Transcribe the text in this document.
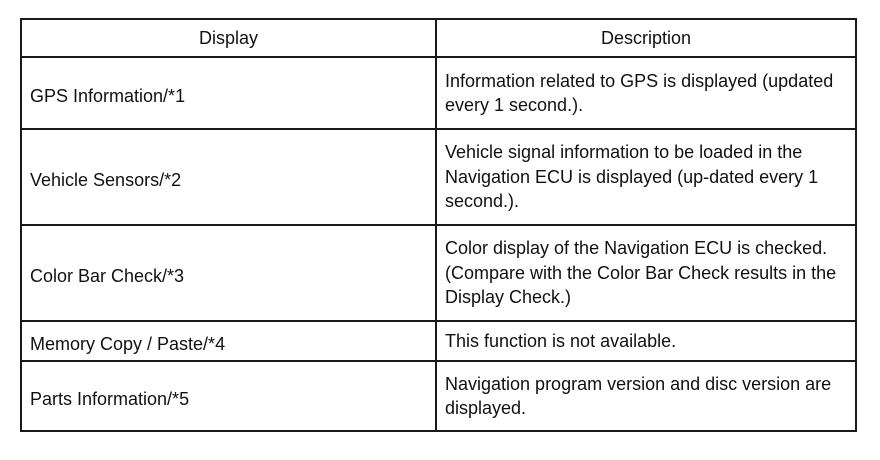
Display	Description
GPS Information/*1	Information related to GPS is displayed (updated every 1 second.).
Vehicle Sensors/*2	Vehicle signal information to be loaded in the Navigation ECU is displayed (up-dated every 1 second.).
Color Bar Check/*3	Color display of the Navigation ECU is checked. (Compare with the Color Bar Check results in the Display Check.)
Memory Copy / Paste/*4	This function is not available.
Parts Information/*5	Navigation program version and disc version are displayed.
